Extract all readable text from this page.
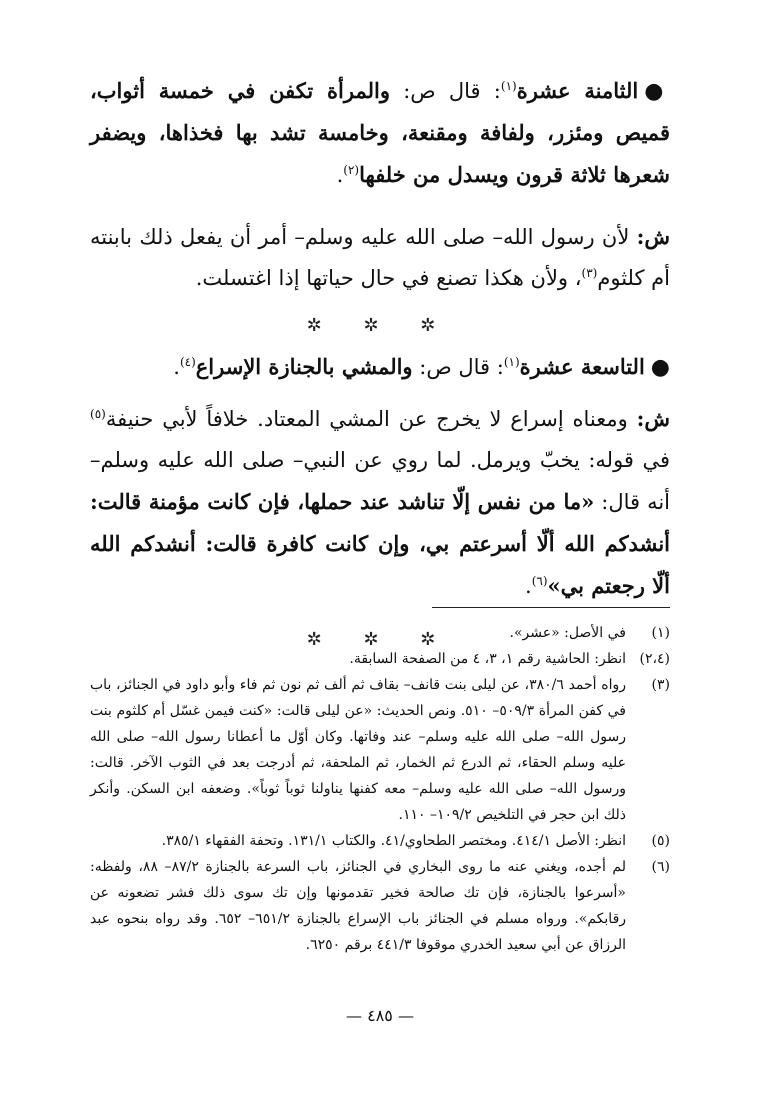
●الثامنة عشرة$^{(١)}$: قال ص: والمرأة تكفن في خمسة أثواب، قميص ومئزر، ولفافة ومقنعة، وخامسة تشد بها فخذاها، ويضفر شعرها ثلاثة قرون ويسدل من خلفها$^{(٢)}$.

ش: لأن رسول الله– صلى الله عليه وسلم– أمر أن يفعل ذلك بابنته أم كلثوم$^{(٣)}$، ولأن هكذا تصنع في حال حياتها إذا اغتسلت.

✲ ✲ ✲

●التاسعة عشرة$^{(١)}$: قال ص: والمشي بالجنازة الإسراع$^{(٤)}$.

ش: ومعناه إسراع لا يخرج عن المشي المعتاد. خلافاً لأبي حنيفة$^{(٥)}$ في قوله: يخبّ ويرمل. لما روي عن النبي– صلى الله عليه وسلم– أنه قال: «ما من نفس إلّا تناشد عند حملها، فإن كانت مؤمنة قالت: أنشدكم الله ألّا أسرعتم بي، وإن كانت كافرة قالت: أنشدكم الله ألّا رجعتم بي»$^{(٦)}$.

✲ ✲ ✲	(١)
في الأصل: «عشر».
(٢،٤)
انظر: الحاشية رقم ١، ٣، ٤ من الصفحة السابقة.
(٣)
رواه أحمد ٣٨٠/٦، عن ليلى بنت قانف– بقاف ثم ألف ثم نون ثم فاء وأبو داود في الجنائز، باب في كفن المرأة ٥٠٩/٣– ٥١٠. ونص الحديث: «عن ليلى قالت: «كنت فيمن غسّل أم كلثوم بنت رسول الله– صلى الله عليه وسلم– عند وفاتها. وكان أوّل ما أعطانا رسول الله– صلى الله عليه وسلم الحقاء، ثم الدرع ثم الخمار، ثم الملحفة، ثم أدرجت بعد في الثوب الآخر. قالت: ورسول الله– صلى الله عليه وسلم– معه كفنها يناولنا ثوباً ثوباً». وضعفه ابن السكن. وأنكر ذلك ابن حجر في التلخيص ١٠٩/٢– ١١٠.
(٥)
انظر: الأصل ٤١٤/١. ومختصر الطحاوي/٤١. والكتاب ١٣١/١. وتحفة الفقهاء ٣٨٥/١.
(٦)
لم أجده، ويغني عنه ما روى البخاري في الجنائز، باب السرعة بالجنازة ٨٧/٢– ٨٨، ولفظه: «أسرعوا بالجنازة، فإن تك صالحة فخير تقدمونها وإن تك سوى ذلك فشر تضعونه عن رقابكم». ورواه مسلم في الجنائز باب الإسراع بالجنازة ٦٥١/٢– ٦٥٢. وقد رواه بنحوه عبد الرزاق عن أبي سعيد الخدري موقوفا ٤٤١/٣ برقم ٦٢٥٠.
— ٤٨٥ —
